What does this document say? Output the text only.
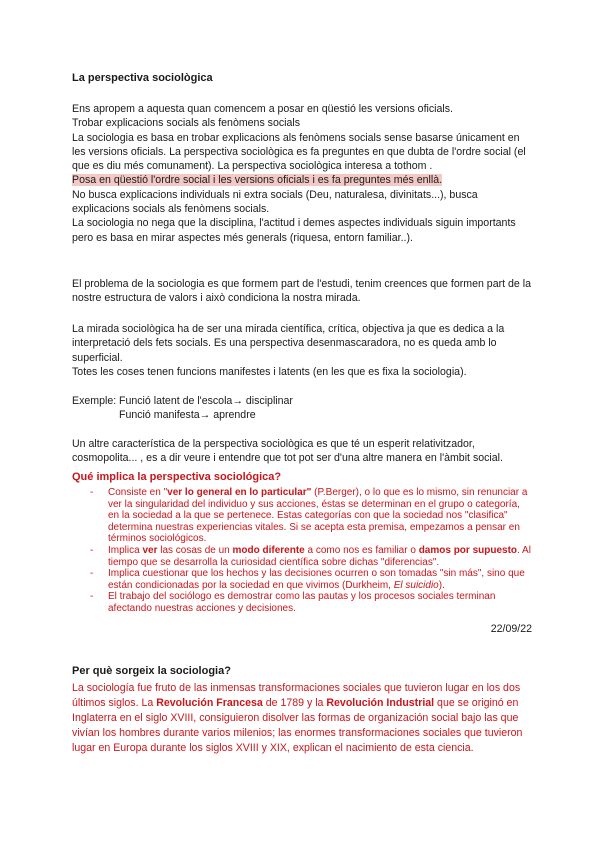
La perspectiva sociològica
Ens apropem a aquesta quan comencem a posar en qüestió les versions oficials.
Trobar explicacions socials als fenòmens socials
La sociologia es basa en trobar explicacions als fenòmens socials sense basarse únicament en les versions oficials. La perspectiva sociològica es fa preguntes en que dubta de l'ordre social (el que es diu més comunament). La perspectiva sociològica interesa a tothom .
Posa en qüestió l'ordre social i les versions oficials i es fa preguntes més enllà.
No busca explicacions individuals ni extra socials (Deu, naturalesa, divinitats...), busca explicacions socials als fenòmens socials.
La sociologia no nega que la disciplina, l'actitud i demes aspectes individuals siguin importants pero es basa en mirar aspectes més generals (riquesa, entorn familiar..).
El problema de la sociologia es que formem part de l'estudi, tenim creences que formen part de la nostre estructura de valors i això condiciona la nostra mirada.
La mirada sociològica ha de ser una mirada científica, crítica, objectiva ja que es dedica a la interpretació dels fets socials. Es una perspectiva desenmascaradora, no es queda amb lo superficial.
Totes les coses tenen funcions manifestes i latents (en les que es fixa la sociologia).
Exemple: Funció latent de l'escola→ disciplinar
Funció manifesta→ aprendre
Un altre característica de la perspectiva sociològica es que té un esperit relativitzador, cosmopolita... , es a dir veure i entendre que tot pot ser d'una altre manera en l'àmbit social.
Qué implica la perspectiva sociológica?
- Consiste en "ver lo general en lo particular" (P.Berger), o lo que es lo mismo, sin renunciar a ver la singularidad del individuo y sus acciones, éstas se determinan en el grupo o categoría, en la sociedad a la que se pertenece. Estas categorías con que la sociedad nos "clasifica" determina nuestras experiencias vitales. Si se acepta esta premisa, empezamos a pensar en términos sociológicos.
- Implica ver las cosas de un modo diferente a como nos es familiar o damos por supuesto. Al tiempo que se desarrolla la curiosidad científica sobre dichas "diferencias".
- Implica cuestionar que los hechos y las decisiones ocurren o son tomadas "sin más", sino que están condicionadas por la sociedad en que vivimos (Durkheim, El suicidio).
- El trabajo del sociólogo es demostrar como las pautas y los procesos sociales terminan afectando nuestras acciones y decisiones.
22/09/22
Per què sorgeix la sociologia?
La sociología fue fruto de las inmensas transformaciones sociales que tuvieron lugar en los dos últimos siglos. La Revolución Francesa de 1789 y la Revolución Industrial que se originó en Inglaterra en el siglo XVIII, consiguieron disolver las formas de organización social bajo las que vivían los hombres durante varios milenios; las enormes transformaciones sociales que tuvieron lugar en Europa durante los siglos XVIII y XIX, explican el nacimiento de esta ciencia.
